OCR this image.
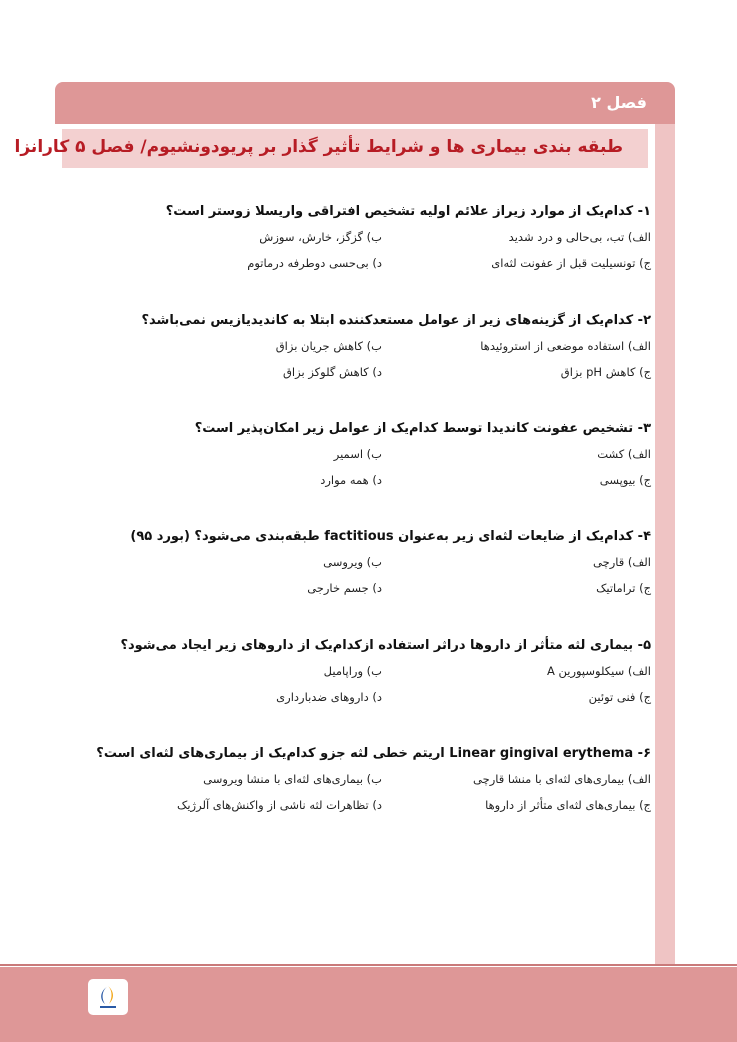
فصل ۲
طبقه بندی بیماری ها و شرایط تأثیر گذار بر پریودونشیوم/ فصل ۵ کارانزا
۱- کدام‌یک از موارد زیراز علائم اولیه تشخیص افتراقی واریسلا زوستر است؟
الف) تب، بی‌حالی و درد شدید
ب) گزگز، خارش، سوزش
ج) تونسیلیت قبل از عفونت لثه‌ای
د) بی‌حسی دوطرفه درماتوم
۲- کدام‌یک از گزینه‌های زیر از عوامل مستعدکننده ابتلا به کاندیدیازیس نمی‌باشد؟
الف) استفاده موضعی از استروئیدها
ب) کاهش جریان بزاق
ج) کاهش pH بزاق
د) کاهش گلوکز بزاق
۳- تشخیص عفونت کاندیدا توسط کدام‌یک از عوامل زیر امکان‌پذیر است؟
الف) کشت
ب) اسمیر
ج) بیوپسی
د) همه موارد
۴- کدام‌یک از ضایعات لثه‌ای زیر به‌عنوان factitious طبقه‌بندی می‌شود؟ (بورد ۹۵)
الف) قارچی
ب) ویروسی
ج) تراماتیک
د) جسم خارجی
۵- بیماری لثه متأثر از داروها دراثر استفاده ازکدام‌یک از داروهای زیر ایجاد می‌شود؟
الف) سیکلوسپورین A
ب) وراپامیل
ج) فنی توئین
د) داروهای ضدبارداری
۶- Linear gingival erythema اریتم خطی لثه جزو کدام‌یک از بیماری‌های لثه‌ای است؟
الف) بیماری‌های لثه‌ای با منشا قارچی
ب) بیماری‌های لثه‌ای با منشا ویروسی
ج) بیماری‌های لثه‌ای متأثر از داروها
د) تظاهرات لثه ناشی از واکنش‌های آلرژیک
